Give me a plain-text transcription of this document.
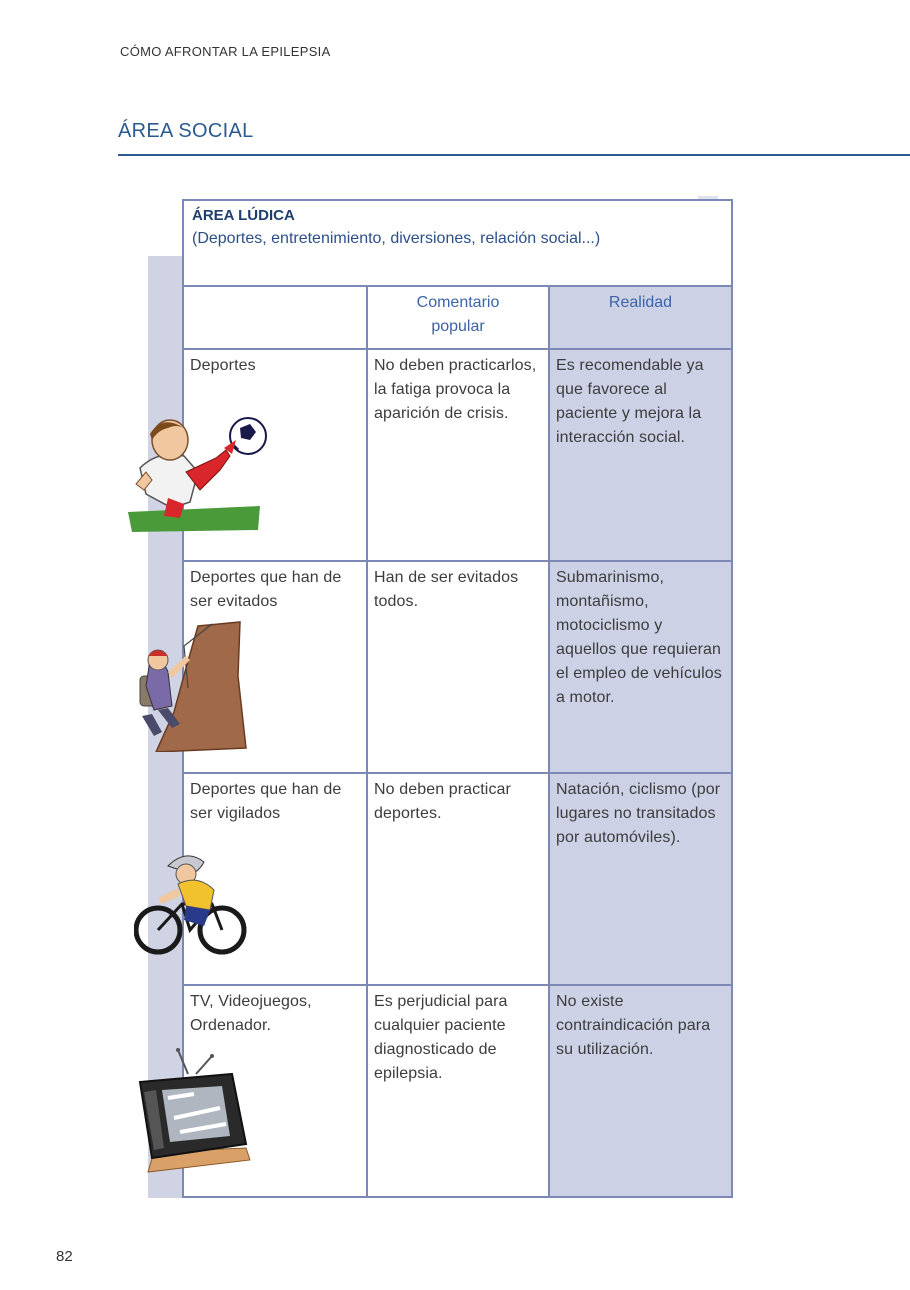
CÓMO AFRONTAR LA EPILEPSIA
ÁREA SOCIAL
ÁREA LÚDICA
(Deportes, entretenimiento, diversiones, relación social...)
Comentario popular
Realidad
Deportes	No deben practicarlos, la fatiga provoca la aparición de crisis.
Es recomendable ya que favorece al paciente y mejora la interacción social.
Deportes que han de ser evitados
Han de ser evitados todos.
Submarinismo, montañismo, motociclismo y aquellos que requieran el empleo de vehículos a motor.
Deportes que han de ser vigilados
No deben practicar deportes.
Natación, ciclismo (por lugares no transitados por automóviles).
TV, Videojuegos, Ordenador.
Es perjudicial para cualquier paciente diagnosticado de epilepsia.
No existe contraindicación para su utilización.
82
